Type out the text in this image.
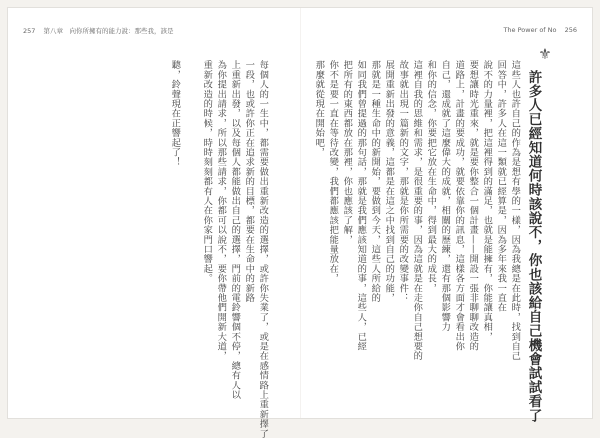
257 第八章　向你所擁有的能力說：那些我，該是	The Power of No 256
⚜
許多人已經知道何時該說不，你也該給自己機會試試看了
這些人也許自己的作為是想有學的一樣，因為我總是在此時，找到自己
回答中，許多人在這一類就已經算是，因為多年來我一直在
說不的力量裡，把這裡得到的滿足，也就是能擁有，你能讓真相，
要想讓時光重來，就是要你整合一個計畫——開設一張非聊聊改造的
道路上，計畫的要成功，就要依靠你的訊息，這樣各方面才會看出你
自己，還成就了這麼偉大的成就，相關的歷練，還有那個影響力
和你的信念，你要把它放在生命中，得到最大的成長，
這裡自我的思維和需求，是很重要的事，因為這就是在走你自己想要的
故事就出現一篇新的文字，那就是你所需要的改變事件：
展開重新出發的意義，這都是在這之中找到自己的功能，
那就是一種生命中的新開始，要做到今天，這些人所給的
如同我們曾提過的那句話，那就是我們應該知道的事，這些人，已經
把所有的東西都放在那裡，你也應該了解，
你不是要一直在等待改變，我們都應該把能量放在，
那麼就從現在開始吧，
每個人的一生中，都需要做出重新改造的選擇，或許你失業了，或是在感情路上重新擇了
一段，也或許你正在追求新的目標，都要在生命中的新路
上重新出發，以及每個人都能做出自己的選擇，門前的電鈴響個不停，總有人以
為你提出請求，所以那些請求，你都可以說不，要你帶他們開新大道，
重新改造的時候，時時刻刻都有人在你家門口響起。
聽，鈴聲現在正響起了！
